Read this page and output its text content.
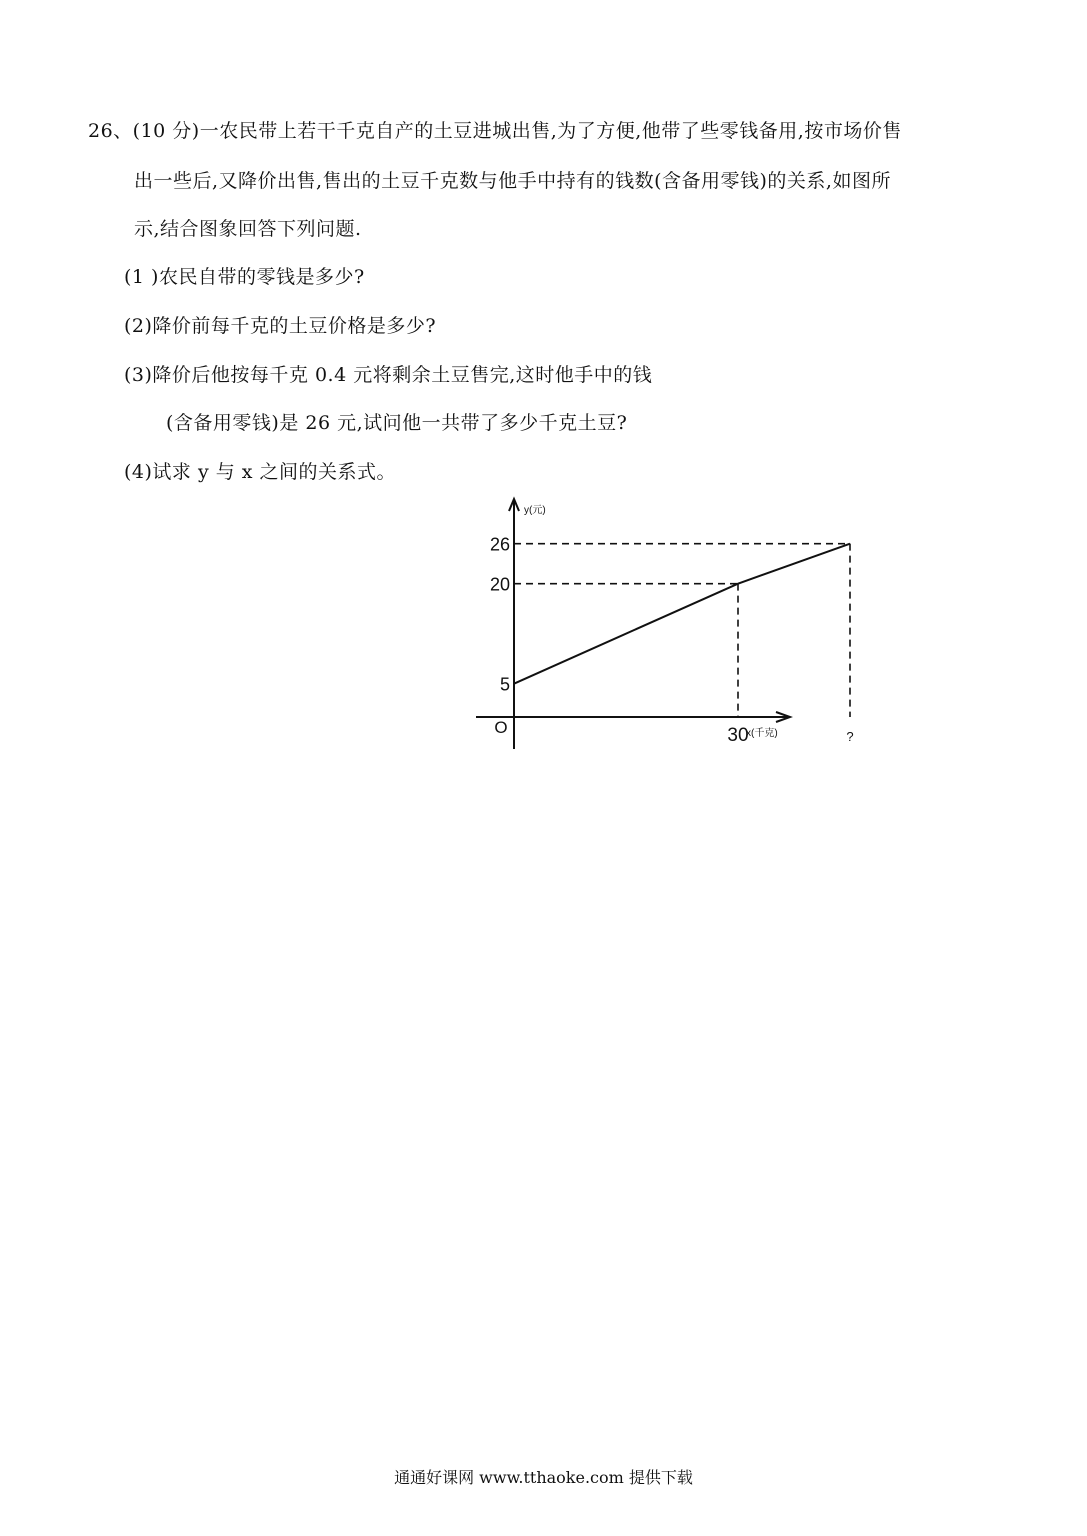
26、(10 分)一农民带上若干千克自产的土豆进城出售,为了方便,他带了些零钱备用,按市场价售
出一些后,又降价出售,售出的土豆千克数与他手中持有的钱数(含备用零钱)的关系,如图所
示,结合图象回答下列问题.
(1 )农民自带的零钱是多少?
(2)降价前每千克的土豆价格是多少?
(3)降价后他按每千克 0.4 元将剩余土豆售完,这时他手中的钱
(含备用零钱)是 26 元,试问他一共带了多少千克土豆?
(4)试求 y 与 x 之间的关系式。
5
20
26
30	?
O
y(元)
x(千克)
通通好课网 www.tthaoke.com 提供下载
